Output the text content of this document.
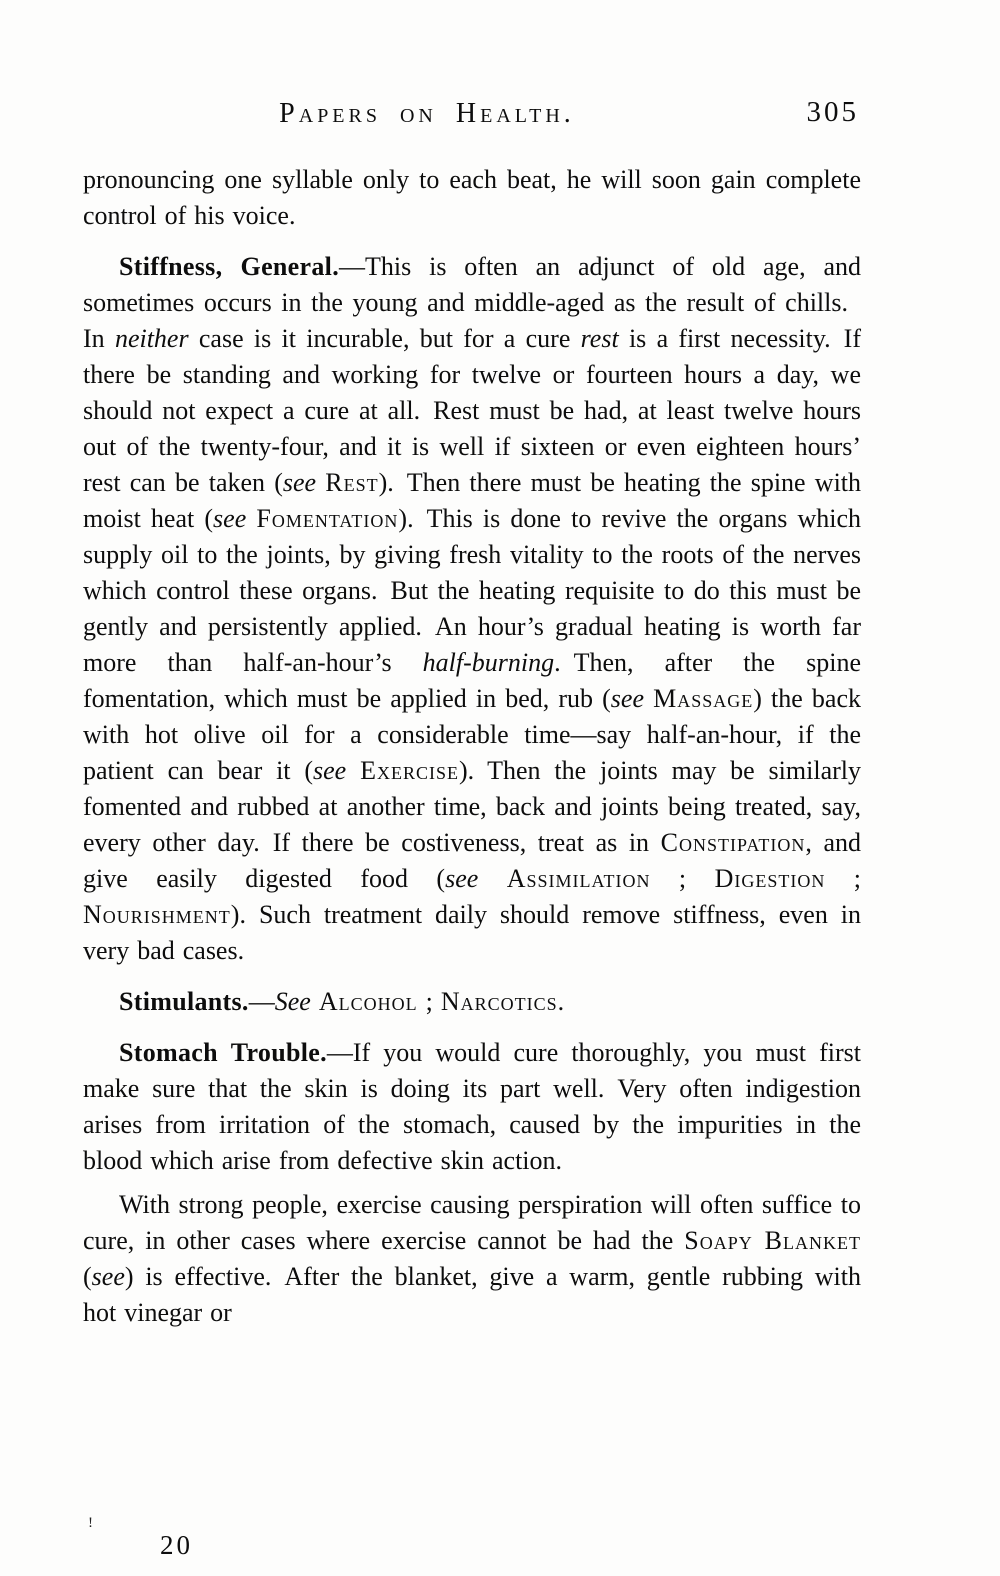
Papers on Health.	305

pronouncing one syllable only to each beat, he will soon gain complete control of his voice.

Stiffness, General.—This is often an adjunct of old age, and sometimes occurs in the young and middle-aged as the result of chills. In neither case is it incurable, but for a cure rest is a first necessity. If there be standing and working for twelve or fourteen hours a day, we should not expect a cure at all. Rest must be had, at least twelve hours out of the twenty-four, and it is well if sixteen or even eighteen hours’ rest can be taken (see Rest). Then there must be heating the spine with moist heat (see Fomentation). This is done to revive the organs which supply oil to the joints, by giving fresh vitality to the roots of the nerves which control these organs. But the heating requisite to do this must be gently and persistently applied. An hour’s gradual heating is worth far more than half-an-hour’s half-burning. Then, after the spine fomentation, which must be applied in bed, rub (see Massage) the back with hot olive oil for a considerable time—say half-an-hour, if the patient can bear it (see Exercise). Then the joints may be similarly fomented and rubbed at another time, back and joints being treated, say, every other day. If there be costiveness, treat as in Constipation, and give easily digested food (see Assimilation ; Digestion ; Nourishment). Such treatment daily should remove stiffness, even in very bad cases.

Stimulants.—See Alcohol ; Narcotics.

Stomach Trouble.—If you would cure thoroughly, you must first make sure that the skin is doing its part well. Very often indigestion arises from irritation of the stomach, caused by the impurities in the blood which arise from defective skin action.

With strong people, exercise causing perspiration will often suffice to cure, in other cases where exercise cannot be had the Soapy Blanket (see) is effective. After the blanket, give a warm, gentle rubbing with hot vinegar or

!
20
